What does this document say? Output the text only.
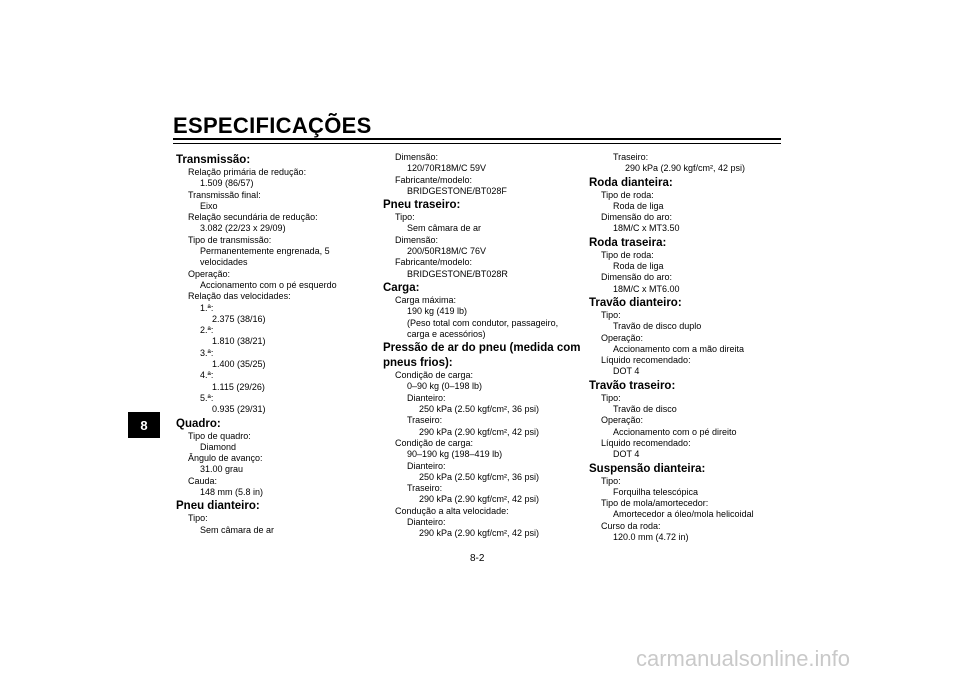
ESPECIFICAÇÕES
8
Transmissão:
Relação primária de redução:
1.509 (86/57)
Transmissão final:
Eixo
Relação secundária de redução:
3.082 (22/23 x 29/09)
Tipo de transmissão:
Permanentemente engrenada, 5
velocidades
Operação:
Accionamento com o pé esquerdo
Relação das velocidades:
1.ª:
2.375 (38/16)
2.ª:
1.810 (38/21)
3.ª:
1.400 (35/25)
4.ª:
1.115 (29/26)
5.ª:
0.935 (29/31)
Quadro:
Tipo de quadro:
Diamond
Ângulo de avanço:
31.00 grau
Cauda:
148 mm (5.8 in)
Pneu dianteiro:
Tipo:
Sem câmara de ar
Dimensão:
120/70R18M/C 59V
Fabricante/modelo:
BRIDGESTONE/BT028F
Pneu traseiro:
Tipo:
Sem câmara de ar
Dimensão:
200/50R18M/C 76V
Fabricante/modelo:
BRIDGESTONE/BT028R
Carga:
Carga máxima:
190 kg (419 lb)
(Peso total com condutor, passageiro,
carga e acessórios)
Pressão de ar do pneu (medida com
pneus frios):
Condição de carga:
0–90 kg (0–198 lb)
Dianteiro:
250 kPa (2.50 kgf/cm², 36 psi)
Traseiro:
290 kPa (2.90 kgf/cm², 42 psi)
Condição de carga:
90–190 kg (198–419 lb)
Dianteiro:
250 kPa (2.50 kgf/cm², 36 psi)
Traseiro:
290 kPa (2.90 kgf/cm², 42 psi)
Condução a alta velocidade:
Dianteiro:
290 kPa (2.90 kgf/cm², 42 psi)
Traseiro:
290 kPa (2.90 kgf/cm², 42 psi)
Roda dianteira:
Tipo de roda:
Roda de liga
Dimensão do aro:
18M/C x MT3.50
Roda traseira:
Tipo de roda:
Roda de liga
Dimensão do aro:
18M/C x MT6.00
Travão dianteiro:
Tipo:
Travão de disco duplo
Operação:
Accionamento com a mão direita
Líquido recomendado:
DOT 4
Travão traseiro:
Tipo:
Travão de disco
Operação:
Accionamento com o pé direito
Líquido recomendado:
DOT 4
Suspensão dianteira:
Tipo:
Forquilha telescópica
Tipo de mola/amortecedor:
Amortecedor a óleo/mola helicoidal
Curso da roda:
120.0 mm (4.72 in)
8-2
carmanualsonline.info
